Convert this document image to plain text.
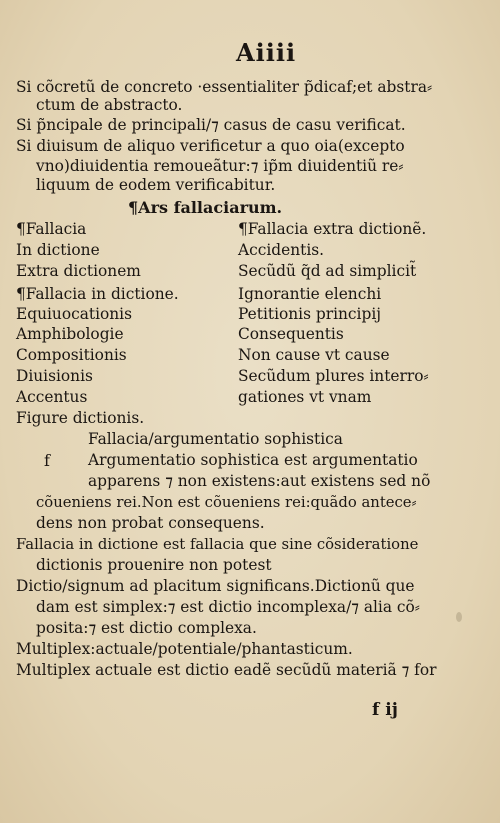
Aiiii
Si cõcretũ de concreto ·essentialiter p̃dicaf;et abstra⸗
ctum de abstracto.
Si p̃ncipale de principali/⁊ casus de casu verificat.
Si diuisum de aliquo verificetur a quo oia(excepto
vno)diuidentia remoueãtur:⁊ ip̃m diuidentiũ re⸗
liquum de eodem verificabitur.
¶Ars fallaciarum.
¶Fallacia
In dictione
Extra dictionem
¶Fallacia in dictione.
Equiuocationis
Amphibologie
Compositionis
Diuisionis
Accentus
Figure dictionis.
¶Fallacia extra dictionẽ.
Accidentis.
Secũdũ q̃d ad simplicit̃
Ignorantie elenchi
Petitionis principij
Consequentis
Non cause vt cause
Secũdum plures interro⸗
gationes vt vnam
Fallacia/argumentatio sophistica
f Argumentatio sophistica est argumentatio
apparens ⁊ non existens:aut existens sed nõ
cõueniens rei.Non est cõueniens rei:quãdo antece⸗
dens non probat consequens.
Fallacia in dictione est fallacia que sine cõsideratione
dictionis prouenire non potest
Dictio/signum ad placitum significans.Dictionũ que
dam est simplex:⁊ est dictio incomplexa/⁊ alia cõ⸗
posita:⁊ est dictio complexa.
Multiplex:actuale/potentiale/phantasticum.
Multiplex actuale est dictio eadẽ secũdũ materiã ⁊ for
f ij
